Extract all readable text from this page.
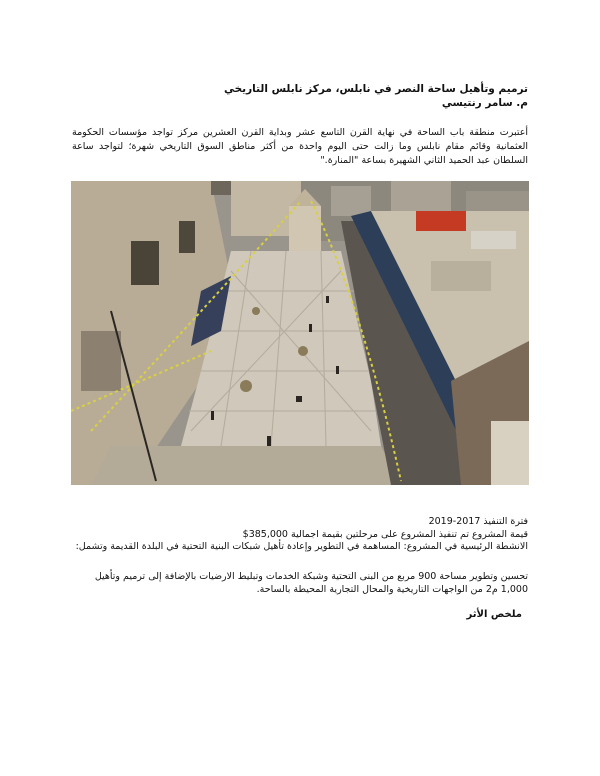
ترميم وتأهيل ساحة النصر في نابلس، مركز نابلس التاريخي
م. سامر رنتيسي
أعتبرت منطقة باب الساحة في نهاية القرن التاسع عشر وبداية القرن العشرين مركز تواجد مؤسسات الحكومة العثمانية وقائم مقام نابلس وما زالت حتى اليوم واحدة من أكثر مناطق السوق التاريخي شهرة؛ لتواجد ساعة السلطان عبد الحميد الثاني الشهيرة بساعة "المنارة."
فترة التنفيذ 2017-2019
قيمة المشروع تم تنفيذ المشروع على مرحلتين بقيمة اجمالية 385,000$
الانشطة الرئيسية في المشروع: المساهمة في التطوير وإعادة تأهيل شبكات البنية التحتية في البلدة القديمة وتشمل:
تحسين وتطوير مساحة 900 مربع من البنى التحتية وشبكة الخدمات وتبليط الارضيات بالإضافة إلى ترميم وتأهيل 1,000 م2 من الواجهات التاريخية والمحال التجارية المحيطة بالساحة.
ملخص الأثر
